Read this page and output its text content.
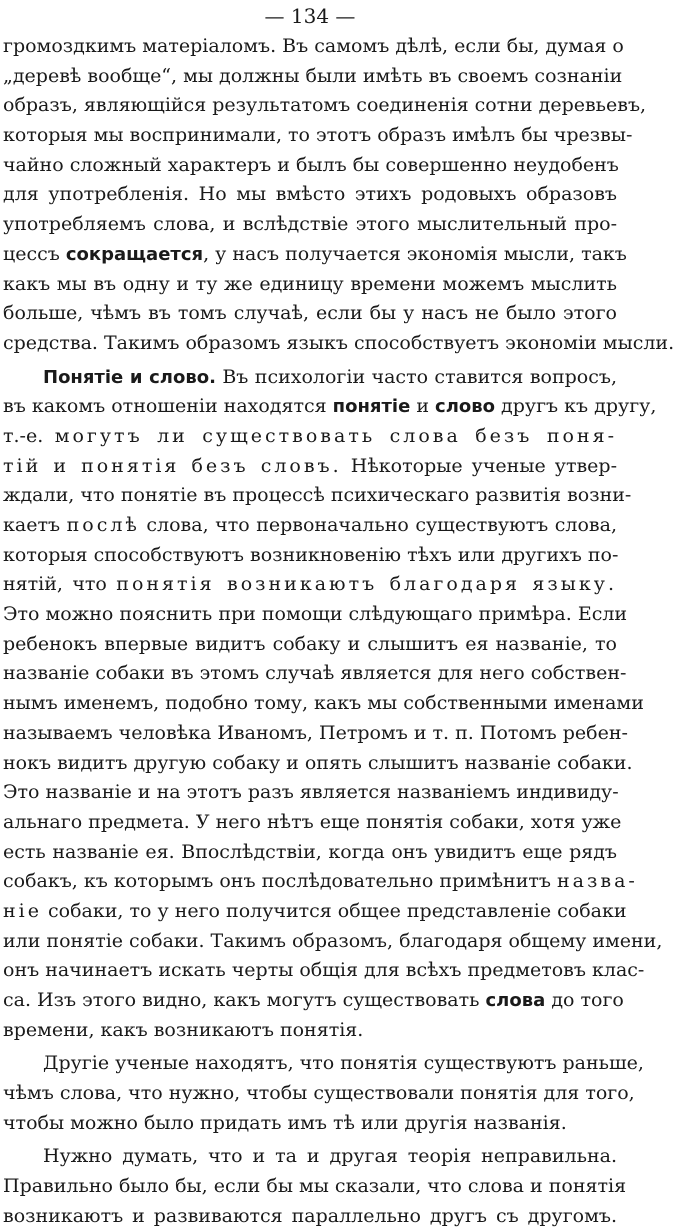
— 134 —
громоздкимъ матеріаломъ. Въ самомъ дѣлѣ, если бы, думая о
„деревѣ вообще“, мы должны были имѣть въ своемъ сознаніи
образъ, являющійся результатомъ соединенія сотни деревьевъ,
которыя мы воспринимали, то этотъ образъ имѣлъ бы чрезвы-
чайно сложный характеръ и былъ бы совершенно неудобенъ
для употребленія. Но мы вмѣсто этихъ родовыхъ образовъ
употребляемъ слова, и вслѣдствіе этого мыслительный про-
цессъ сокращается, у насъ получается экономія мысли, такъ
какъ мы въ одну и ту же единицу времени можемъ мыслить
больше, чѣмъ въ томъ случаѣ, если бы у насъ не было этого
средства. Такимъ образомъ языкъ способствуетъ экономіи мысли.
Понятіе и слово. Въ психологіи часто ставится вопросъ,
въ какомъ отношеніи находятся понятіе и слово другъ къ другу,
т.-е. могутъ ли существовать слова безъ поня-
тій и понятія безъ словъ. Нѣкоторые ученые утвер-
ждали, что понятіе въ процессѣ психическаго развитія возни-
каетъ послѣ слова, что первоначально существуютъ слова,
которыя способствуютъ возникновенію тѣхъ или другихъ по-
нятій, что понятія возникаютъ благодаря языку.
Это можно пояснить при помощи слѣдующаго примѣра. Если
ребенокъ впервые видитъ собаку и слышитъ ея названіе, то
названіе собаки въ этомъ случаѣ является для него собствен-
нымъ именемъ, подобно тому, какъ мы собственными именами
называемъ человѣка Иваномъ, Петромъ и т. п. Потомъ ребен-
нокъ видитъ другую собаку и опять слышитъ названіе собаки.
Это названіе и на этотъ разъ является названіемъ индивиду-
альнаго предмета. У него нѣтъ еще понятія собаки, хотя уже
есть названіе ея. Впослѣдствіи, когда онъ увидитъ еще рядъ
собакъ, къ которымъ онъ послѣдовательно примѣнитъ назва-
ніе собаки, то у него получится общее представленіе собаки
или понятіе собаки. Такимъ образомъ, благодаря общему имени,
онъ начинаетъ искать черты общія для всѣхъ предметовъ клас-
са. Изъ этого видно, какъ могутъ существовать слова до того
времени, какъ возникаютъ понятія.
Другіе ученые находятъ, что понятія существуютъ раньше,
чѣмъ слова, что нужно, чтобы существовали понятія для того,
чтобы можно было придать имъ тѣ или другія названія.
Нужно думать, что и та и другая теорія неправильна.
Правильно было бы, если бы мы сказали, что слова и понятія
возникаютъ и развиваются параллельно другъ съ другомъ.
